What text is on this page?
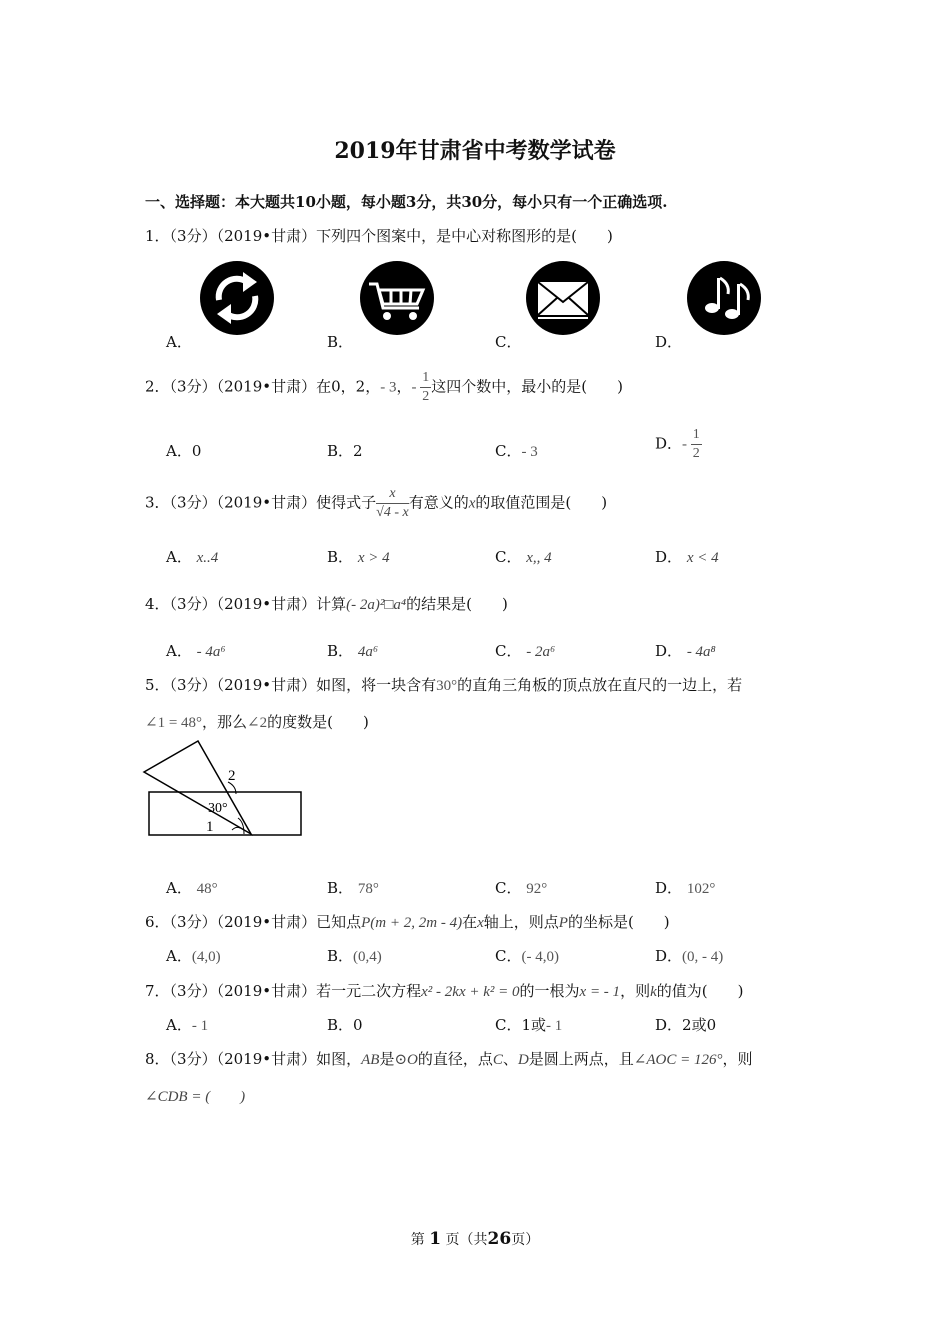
2019年甘肃省中考数学试卷
一、选择题：本大题共10小题，每小题3分，共30分，每小只有一个正确选项.
1．（3分）（2019•甘肃）下列四个图案中，是中心对称图形的是(　　)
A．	B．	C．	D．
2．（3分）（2019•甘肃）在0，2，- 3，- $\frac{1}{2}$ 这四个数中，最小的是(　　)
A．0	B．2	C．- 3	D．- $\frac{1}{2}$
3．（3分）（2019•甘肃）使得式子 $\frac{x}{√4 - x}$ 有意义的x的取值范围是(　　)
A． x..4	B． x > 4	C． x,, 4	D． x < 4
4．（3分）（2019•甘肃）计算(- 2a)²□a⁴的结果是(　　)
A． - 4a⁶	B． 4a⁶	C． - 2a⁶	D． - 4a⁸
5．（3分）（2019•甘肃）如图，将一块含有30°的直角三角板的顶点放在直尺的一边上，若
∠1 = 48°，那么∠2的度数是(　　)
2
30°
1
A． 48°	B． 78°	C． 92°	D． 102°
6．（3分）（2019•甘肃）已知点P(m + 2, 2m - 4)在x轴上，则点P的坐标是(　　)
A．(4,0)	B．(0,4)	C．(- 4,0)	D．(0, - 4)
7．（3分）（2019•甘肃）若一元二次方程x² - 2kx + k² = 0的一根为x = - 1，则k的值为(　　)
A．- 1	B．0	C．1或- 1	D．2或0
8．（3分）（2019•甘肃）如图，AB是⊙O的直径，点C、D是圆上两点，且∠AOC = 126°，则
∠CDB = (　　)
第 1 页（共26页）
